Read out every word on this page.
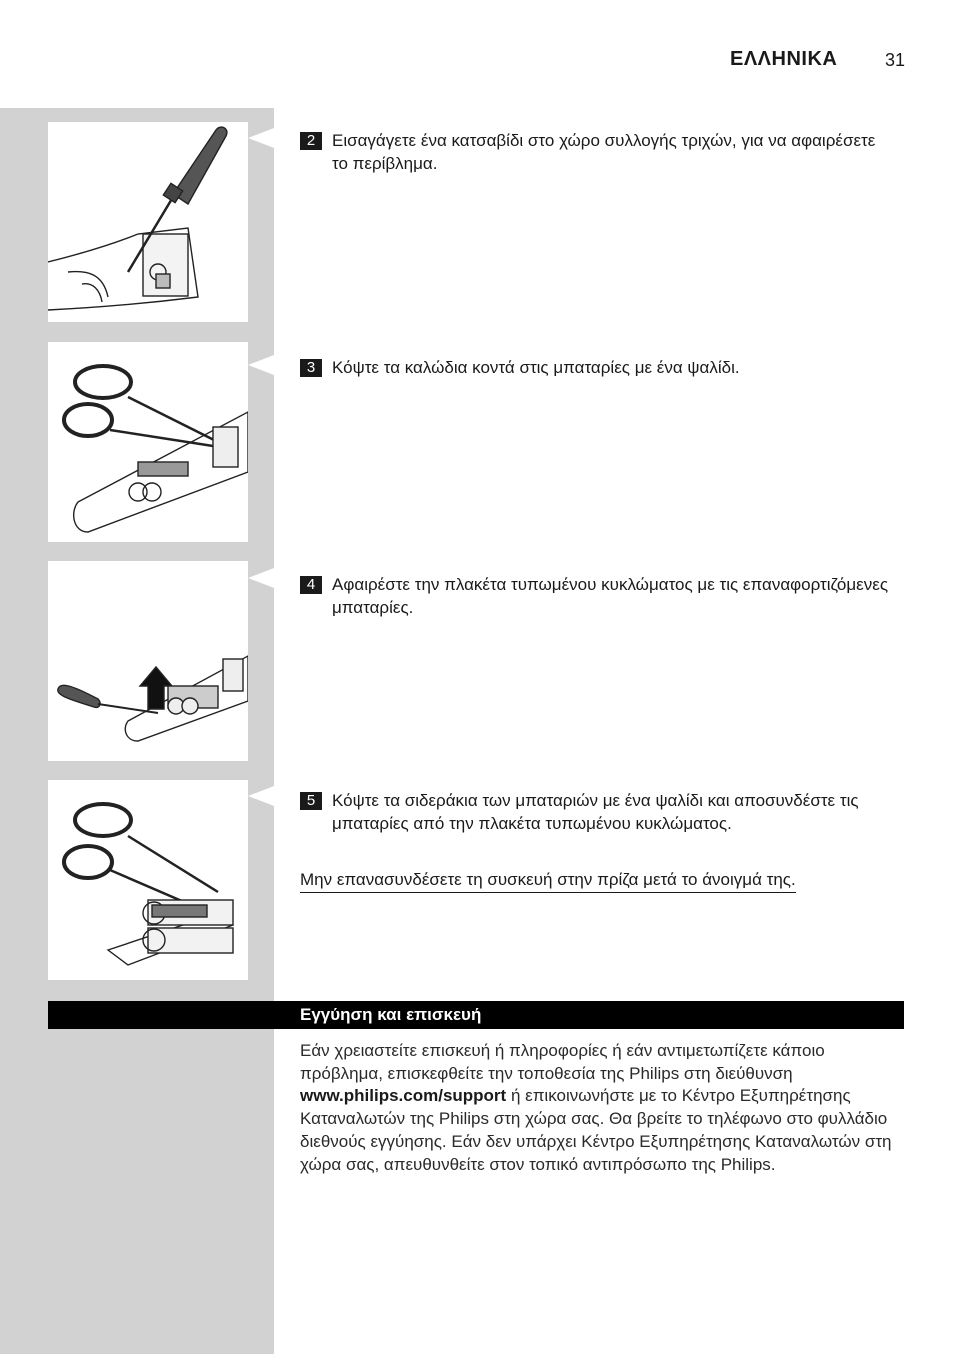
ΕΛΛΗΝΙΚΑ	31
2 Εισαγάγετε ένα κατσαβίδι στο χώρο συλλογής τριχών, για να αφαιρέσετε το περίβλημα.
3 Κόψτε τα καλώδια κοντά στις μπαταρίες με ένα ψαλίδι.
4 Αφαιρέστε την πλακέτα τυπωμένου κυκλώματος με τις επαναφορτιζόμενες μπαταρίες.
5 Κόψτε τα σιδεράκια των μπαταριών με ένα ψαλίδι και αποσυνδέστε τις μπαταρίες από την πλακέτα τυπωμένου κυκλώματος.
Μην επανασυνδέσετε τη συσκευή στην πρίζα μετά το άνοιγμά της.
Εγγύηση και επισκευή
Εάν χρειαστείτε επισκευή ή πληροφορίες ή εάν αντιμετωπίζετε κάποιο πρόβλημα, επισκεφθείτε την τοποθεσία της Philips στη διεύθυνση www.philips.com/support ή επικοινωνήστε με το Κέντρο Εξυπηρέτησης Καταναλωτών της Philips στη χώρα σας. Θα βρείτε το τηλέφωνο στο φυλλάδιο διεθνούς εγγύησης. Εάν δεν υπάρχει Κέντρο Εξυπηρέτησης Καταναλωτών στη χώρα σας, απευθυνθείτε στον τοπικό αντιπρόσωπο της Philips.
